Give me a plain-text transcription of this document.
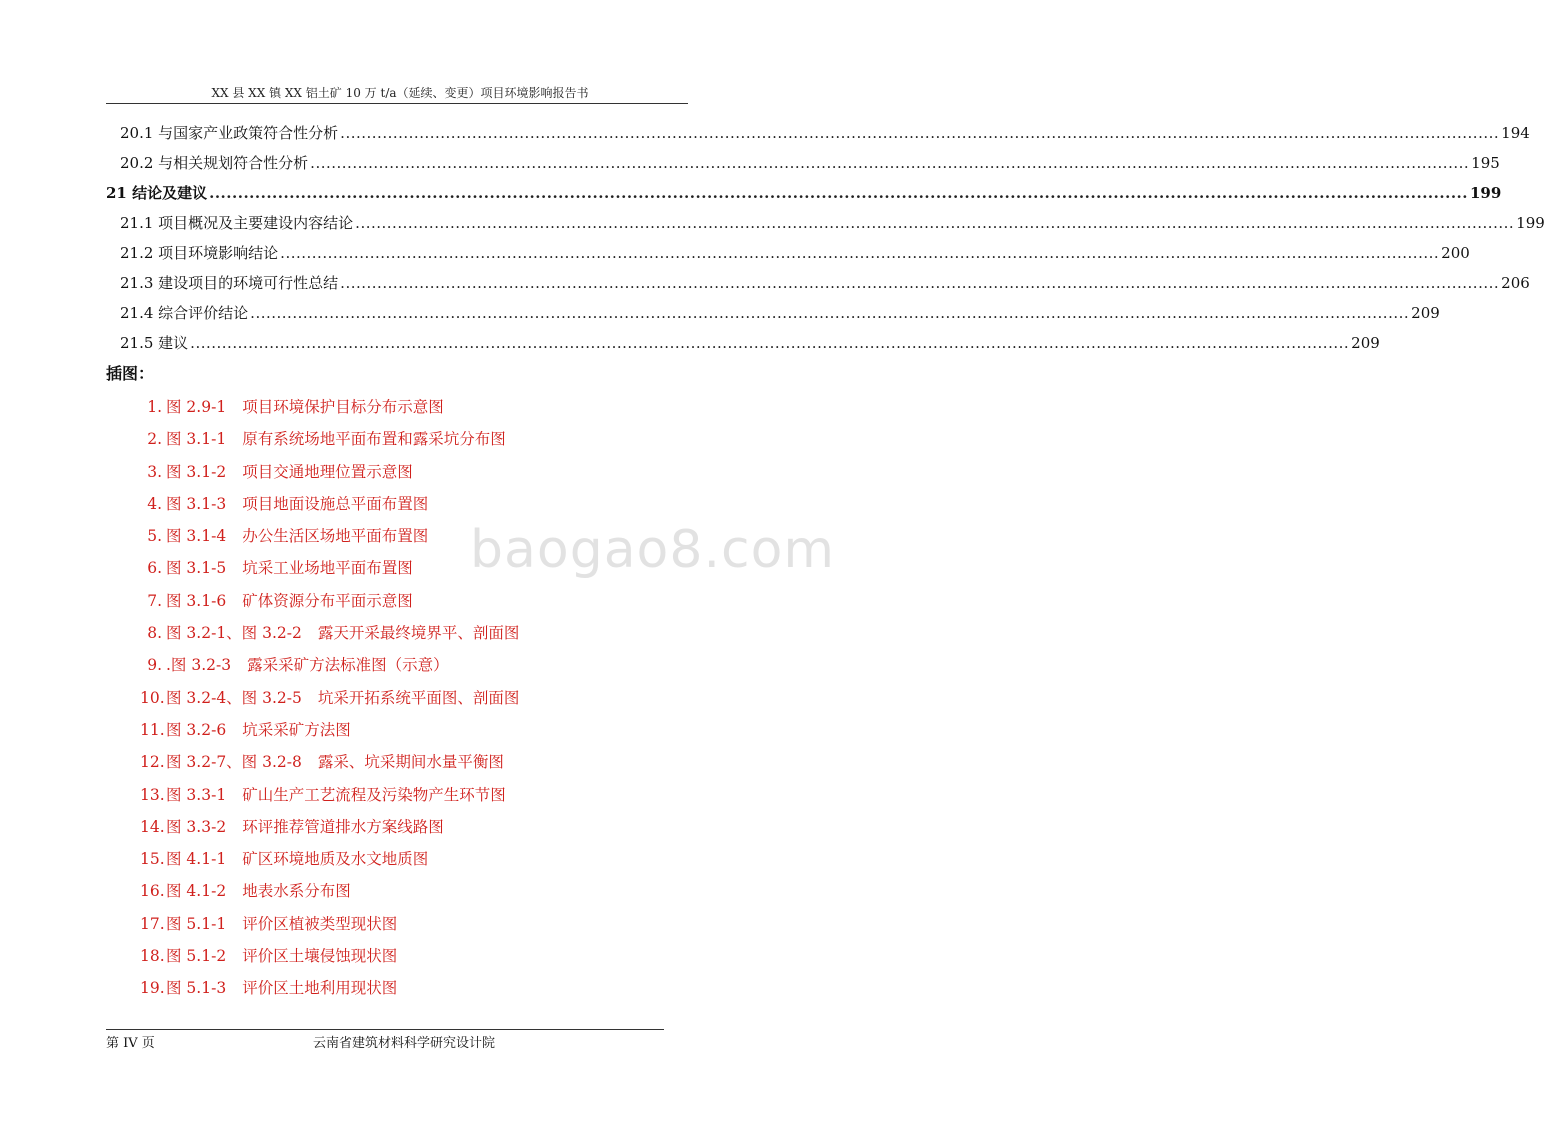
XX 县 XX 镇 XX 铝土矿 10 万 t/a（延续、变更）项目环境影响报告书
20.1 与国家产业政策符合性分析 ............................................................................................................................................................................................................................ 194
20.2 与相关规划符合性分析 ............................................................................................................................................................................................................................ 195
21 结论及建议 ............................................................................................................................................................................................................................ 199
21.1 项目概况及主要建设内容结论 ............................................................................................................................................................................................................................ 199
21.2 项目环境影响结论 ............................................................................................................................................................................................................................ 200
21.3 建设项目的环境可行性总结 ............................................................................................................................................................................................................................ 206
21.4 综合评价结论 ............................................................................................................................................................................................................................ 209
21.5 建议 ............................................................................................................................................................................................................................ 209
插图：
1. 图 2.9-1 项目环境保护目标分布示意图
2. 图 3.1-1 原有系统场地平面布置和露采坑分布图
3. 图 3.1-2 项目交通地理位置示意图
4. 图 3.1-3 项目地面设施总平面布置图
5. 图 3.1-4 办公生活区场地平面布置图
6. 图 3.1-5 坑采工业场地平面布置图
7. 图 3.1-6 矿体资源分布平面示意图
8. 图 3.2-1、图 3.2-2 露天开采最终境界平、剖面图
9. .图 3.2-3 露采采矿方法标准图（示意）
10.图 3.2-4、图 3.2-5 坑采开拓系统平面图、剖面图
11.图 3.2-6 坑采采矿方法图
12.图 3.2-7、图 3.2-8 露采、坑采期间水量平衡图
13.图 3.3-1 矿山生产工艺流程及污染物产生环节图
14.图 3.3-2 环评推荐管道排水方案线路图
15.图 4.1-1 矿区环境地质及水文地质图
16.图 4.1-2 地表水系分布图
17.图 5.1-1 评价区植被类型现状图
18.图 5.1-2 评价区土壤侵蚀现状图
19.图 5.1-3 评价区土地利用现状图
baogao8.com
第 IV 页	云南省建筑材料科学研究设计院
